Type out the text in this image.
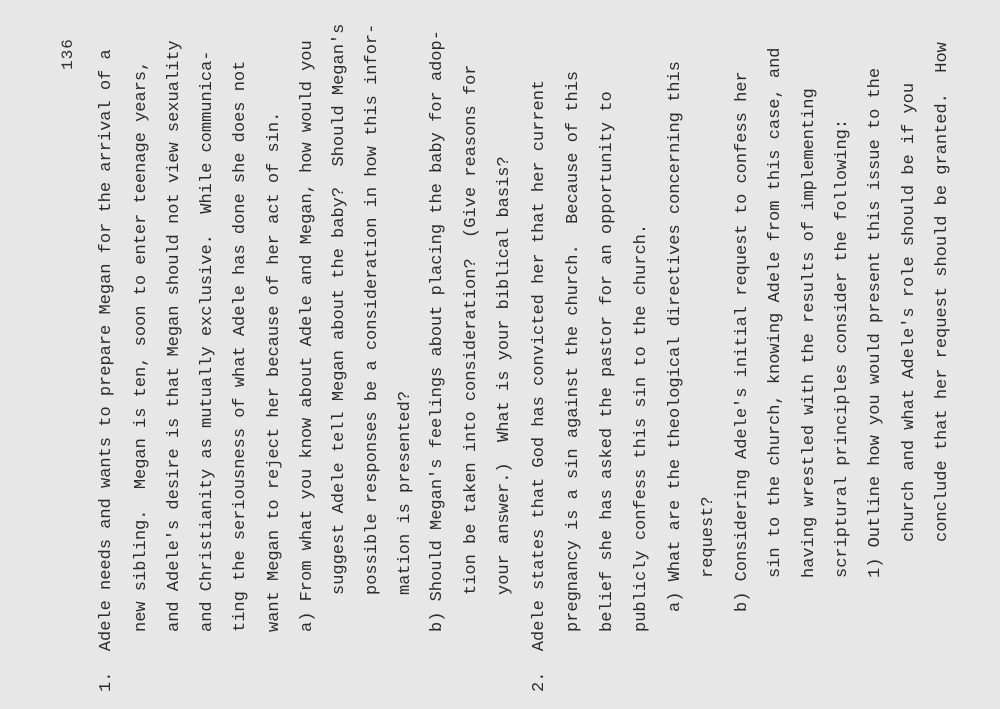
136 1.  Adele needs and wants to prepare Megan for the arrival of a new sibling.  Megan is ten, soon to enter teenage years, and Adele's desire is that Megan should not view sexuality and Christianity as mutually exclusive.  While communica- ting the seriousness of what Adele has done she does not want Megan to reject her because of her act of sin. a) From what you know about Adele and Megan, how would you suggest Adele tell Megan about the baby?  Should Megan's possible responses be a consideration in how this infor- mation is presented? b) Should Megan's feelings about placing the baby for adop- tion be taken into consideration?  (Give reasons for your answer.)  What is your biblical basis? 2.  Adele states that God has convicted her that her current pregnancy is a sin against the church.  Because of this belief she has asked the pastor for an opportunity to publicly confess this sin to the church. a) What are the theological directives concerning this request? b) Considering Adele's initial request to confess her sin to the church, knowing Adele from this case, and having wrestled with the results of implementing scriptural principles consider the following: 1) Outline how you would present this issue to the church and what Adele's role should be if you conclude that her request should be granted.  How
